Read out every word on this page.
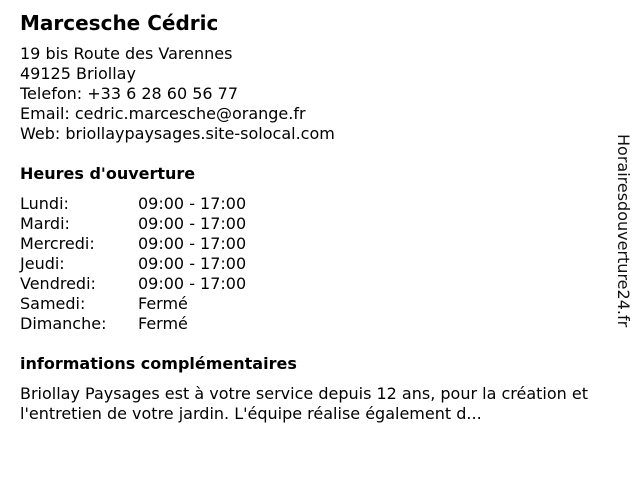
Marcesche Cédric
19 bis Route des Varennes
49125 Briollay
Telefon: +33 6 28 60 56 77
Email: cedric.marcesche@orange.fr
Web: briollaypaysages.site-solocal.com
Heures d'ouverture
Lundi:	09:00 - 17:00
Mardi:	09:00 - 17:00
Mercredi:	09:00 - 17:00
Jeudi:	09:00 - 17:00
Vendredi:	09:00 - 17:00
Samedi:	Fermé
Dimanche:	Fermé
informations complémentaires
Briollay Paysages est à votre service depuis 12 ans, pour la création et l'entretien de votre jardin. L'équipe réalise également d...
Horairesdouverture24.fr
